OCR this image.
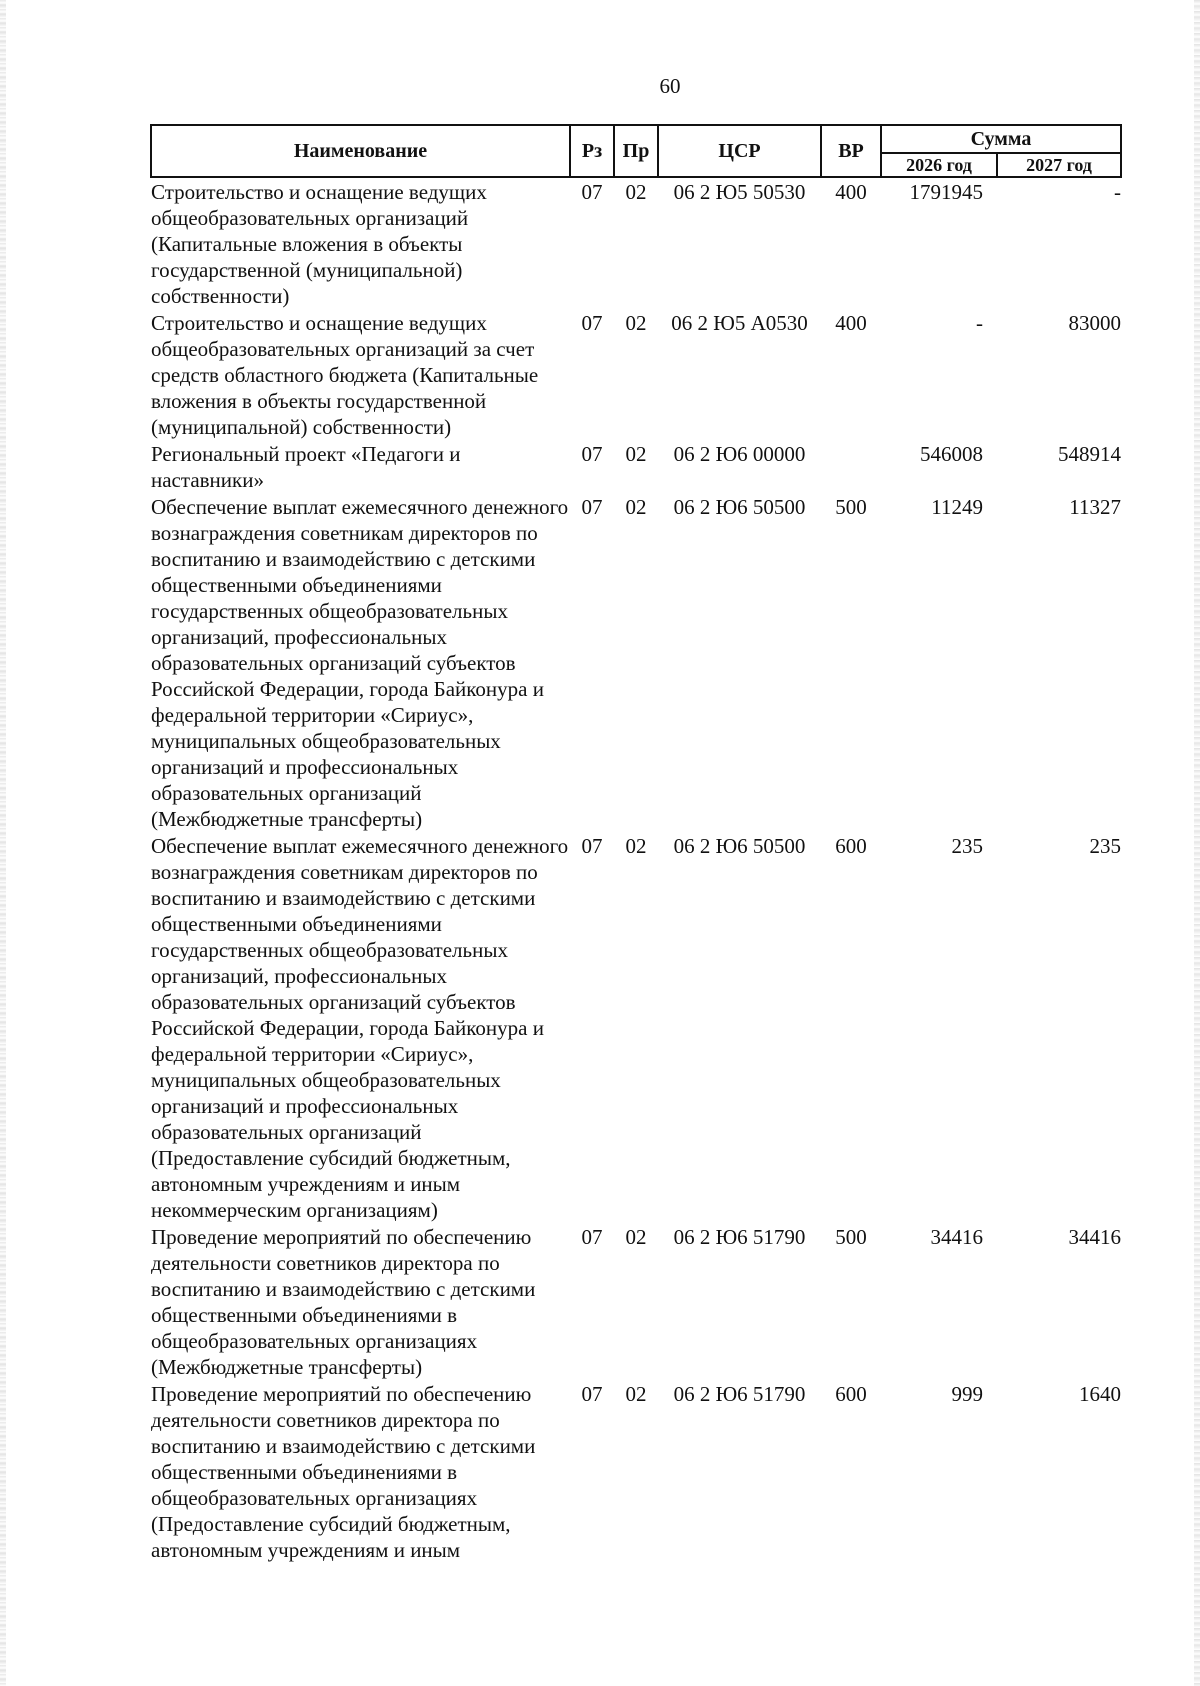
60
Наименование	Рз	Пр	ЦСР	ВР	Сумма	
					2026 год	2027 год
Строительство и оснащение ведущих общеобразовательных организаций (Капитальные вложения в объекты государственной (муниципальной) собственности)	07	02	06 2 Ю5 50530	400	1791945	-
Строительство и оснащение ведущих общеобразовательных организаций за счет средств областного бюджета (Капитальные вложения в объекты государственной (муниципальной) собственности)	07	02	06 2 Ю5 А0530	400	-	83000
Региональный проект «Педагоги и наставники»	07	02	06 2 Ю6 00000		546008	548914
Обеспечение выплат ежемесячного денежного вознаграждения советникам директоров по воспитанию и взаимодействию с детскими общественными объединениями государственных общеобразовательных организаций, профессиональных образовательных организаций субъектов Российской Федерации, города Байконура и федеральной территории «Сириус», муниципальных общеобразовательных организаций и профессиональных образовательных организаций (Межбюджетные трансферты)	07	02	06 2 Ю6 50500	500	11249	11327
Обеспечение выплат ежемесячного денежного вознаграждения советникам директоров по воспитанию и взаимодействию с детскими общественными объединениями государственных общеобразовательных организаций, профессиональных образовательных организаций субъектов Российской Федерации, города Байконура и федеральной территории «Сириус», муниципальных общеобразовательных организаций и профессиональных образовательных организаций (Предоставление субсидий бюджетным, автономным учреждениям и иным некоммерческим организациям)	07	02	06 2 Ю6 50500	600	235	235
Проведение мероприятий по обеспечению деятельности советников директора по воспитанию и взаимодействию с детскими общественными объединениями в общеобразовательных организациях (Межбюджетные трансферты)	07	02	06 2 Ю6 51790	500	34416	34416
Проведение мероприятий по обеспечению деятельности советников директора по воспитанию и взаимодействию с детскими общественными объединениями в общеобразовательных организациях (Предоставление субсидий бюджетным, автономным учреждениям и иным	07	02	06 2 Ю6 51790	600	999	1640
